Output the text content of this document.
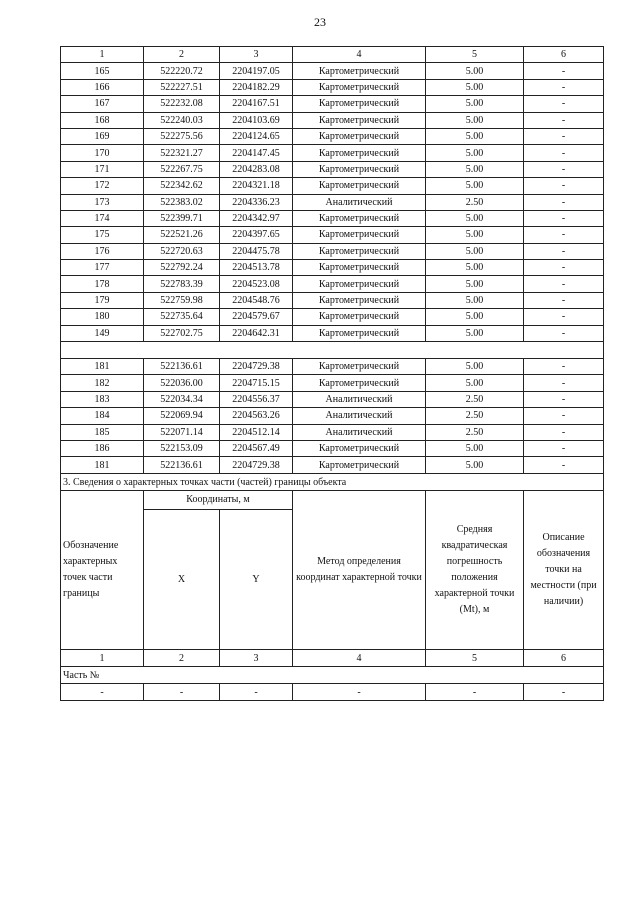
23
1	2	3	4	5	6
165	522220.72	2204197.05	Картометрический	5.00	-
166	522227.51	2204182.29	Картометрический	5.00	-
167	522232.08	2204167.51	Картометрический	5.00	-
168	522240.03	2204103.69	Картометрический	5.00	-
169	522275.56	2204124.65	Картометрический	5.00	-
170	522321.27	2204147.45	Картометрический	5.00	-
171	522267.75	2204283.08	Картометрический	5.00	-
172	522342.62	2204321.18	Картометрический	5.00	-
173	522383.02	2204336.23	Аналитический	2.50	-
174	522399.71	2204342.97	Картометрический	5.00	-
175	522521.26	2204397.65	Картометрический	5.00	-
176	522720.63	2204475.78	Картометрический	5.00	-
177	522792.24	2204513.78	Картометрический	5.00	-
178	522783.39	2204523.08	Картометрический	5.00	-
179	522759.98	2204548.76	Картометрический	5.00	-
180	522735.64	2204579.67	Картометрический	5.00	-
149	522702.75	2204642.31	Картометрический	5.00	-

181	522136.61	2204729.38	Картометрический	5.00	-
182	522036.00	2204715.15	Картометрический	5.00	-
183	522034.34	2204556.37	Аналитический	2.50	-
184	522069.94	2204563.26	Аналитический	2.50	-
185	522071.14	2204512.14	Аналитический	2.50	-
186	522153.09	2204567.49	Картометрический	5.00	-
181	522136.61	2204729.38	Картометрический	5.00	-
3. Сведения о характерных точках части (частей) границы объекта					
Обозначение характерных точек части границы	Координаты, м		Метод определения координат характерной точки	Средняя квадратическая погрешность положения характерной точки (Mt), м	Описание обозначения точки на местности (при наличии)
	X	Y			
1	2	3	4	5	6
Часть №					
-	-	-	-	-	-
